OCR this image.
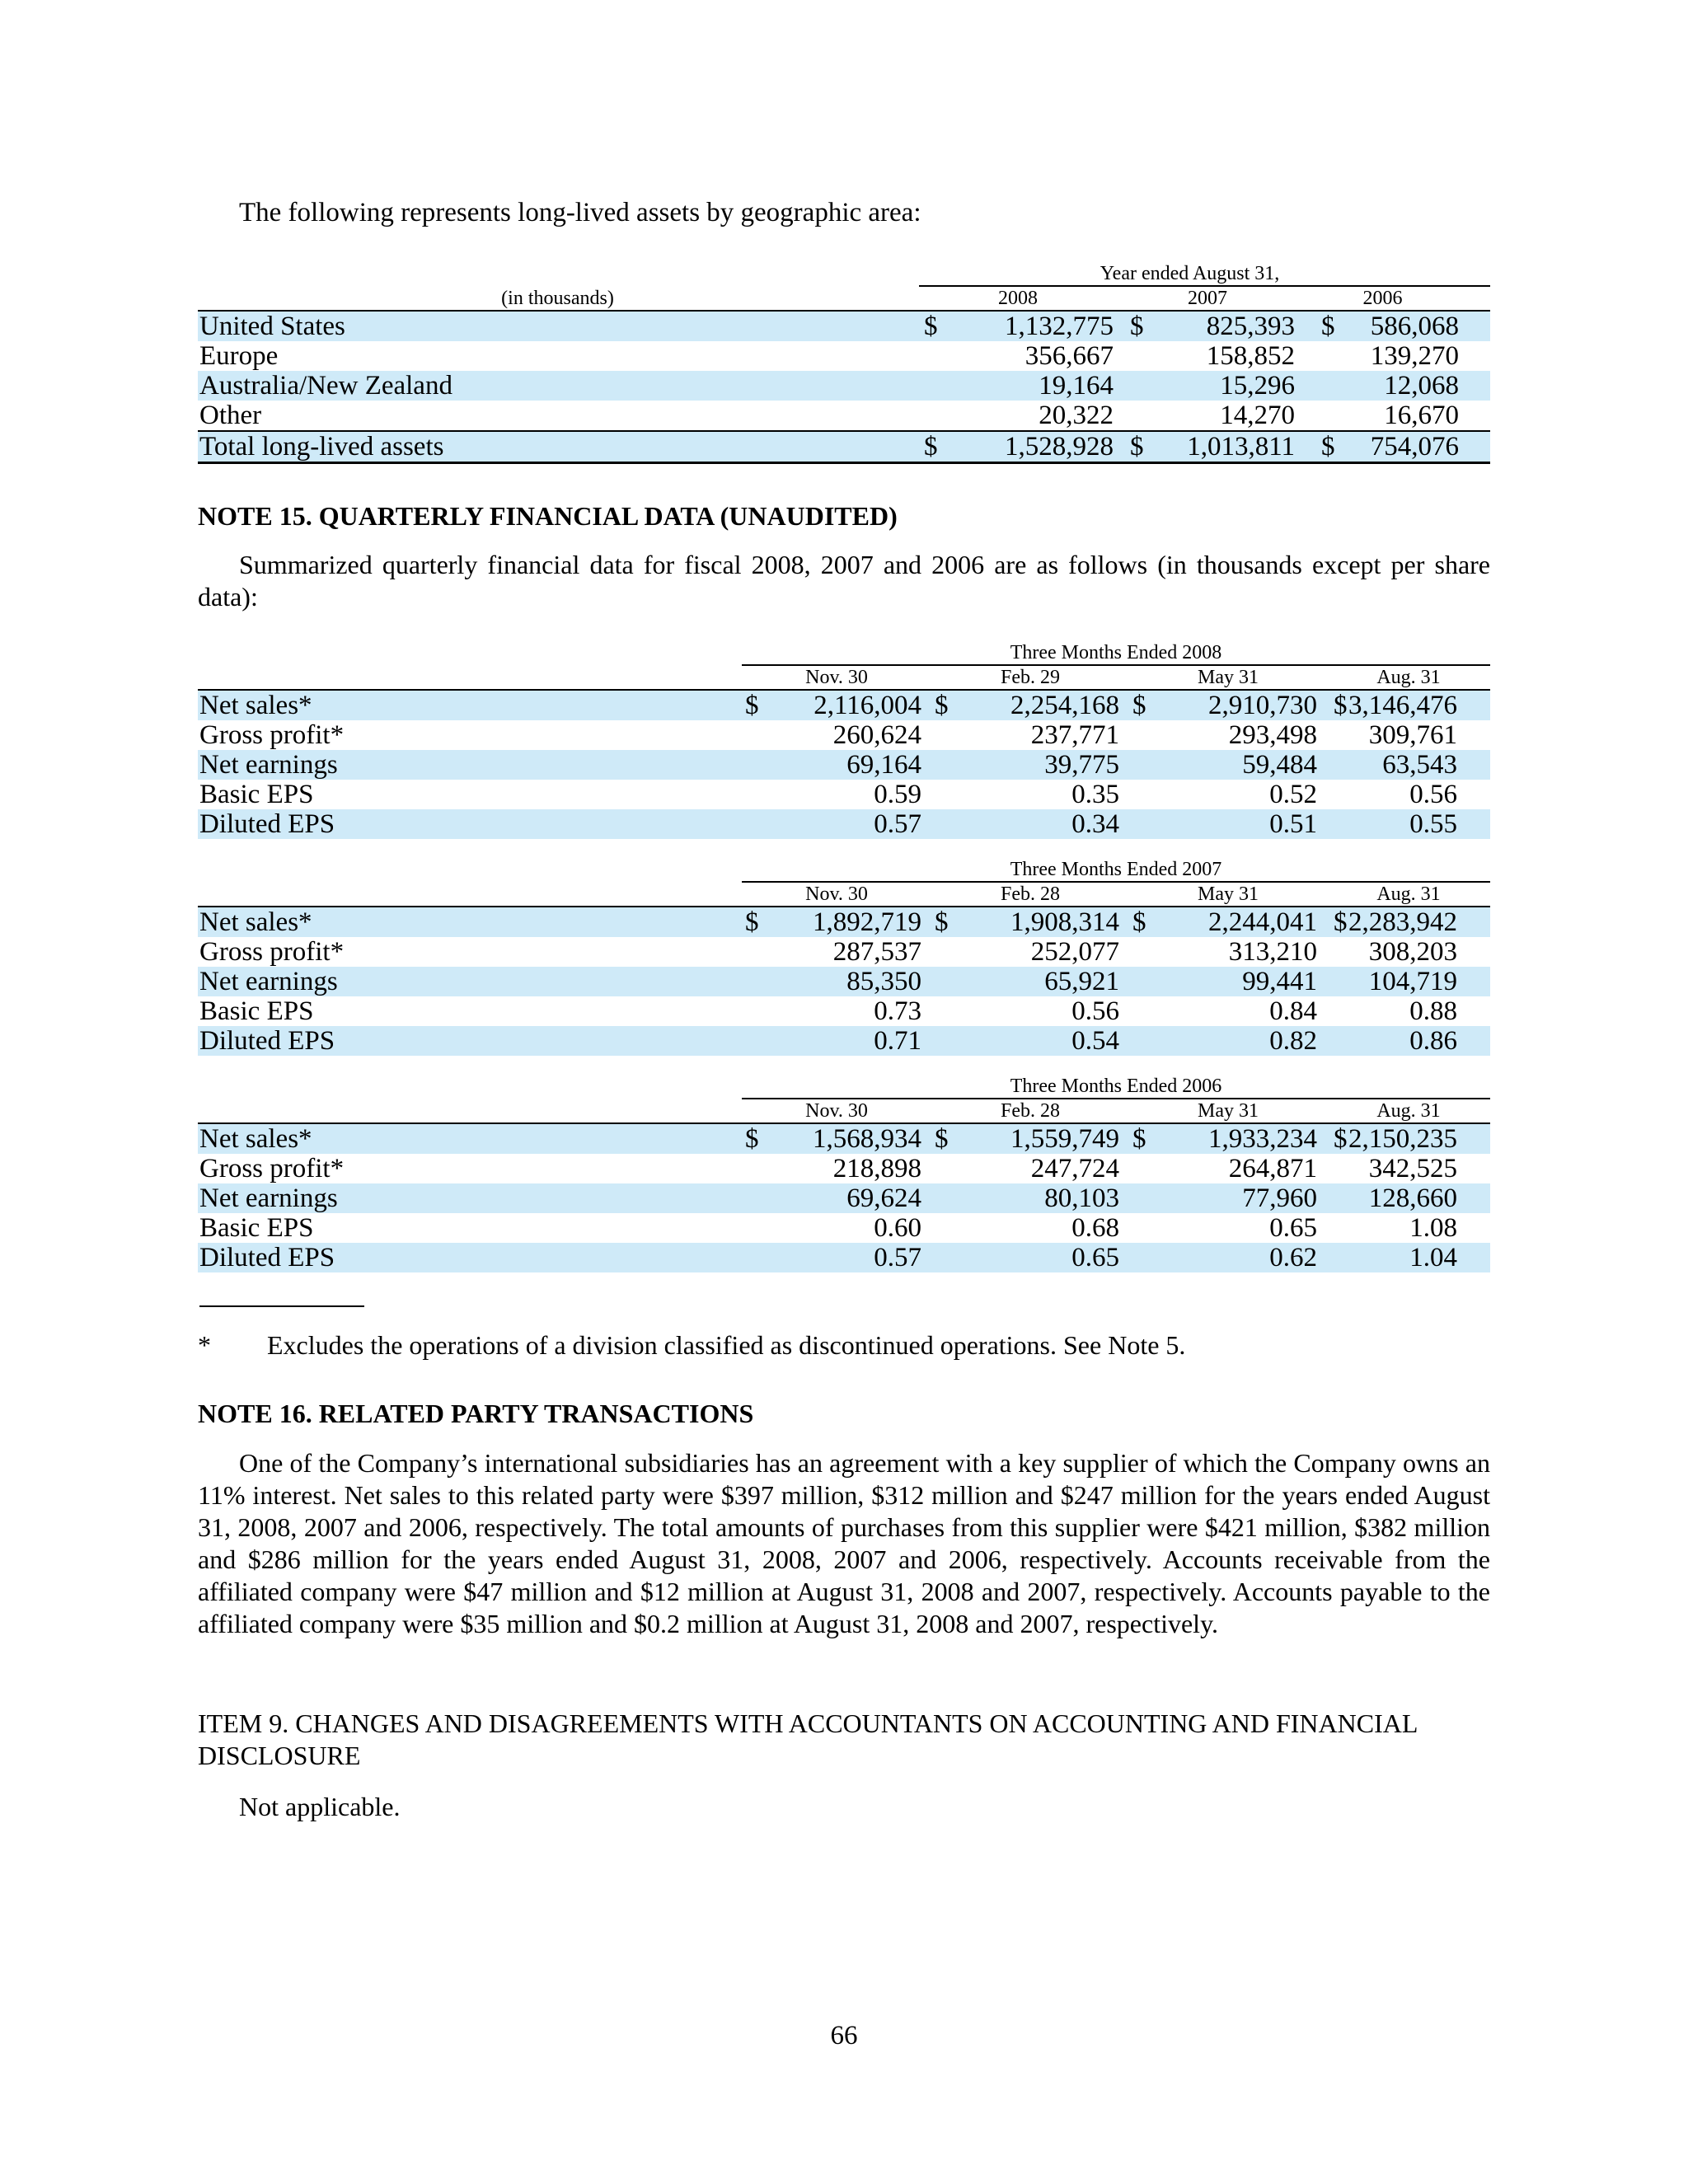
The following represents long-lived assets by geographic area:
	Year ended August 31,			
(in thousands)	2008	2007	2006	
United States	$ 1,132,775	$ 825,393	$ 586,068	
Europe	356,667	158,852	139,270	
Australia/New Zealand	19,164	15,296	12,068	
Other	20,322	14,270	16,670	
Total long-lived assets	$ 1,528,928	$ 1,013,811	$ 754,076	
NOTE 15. QUARTERLY FINANCIAL DATA (UNAUDITED)
Summarized quarterly financial data for fiscal 2008, 2007 and 2006 are as follows (in thousands except per share data):
	Three Months Ended 2008			
	Nov. 30	Feb. 29	May 31	Aug. 31
Net sales*	$ 2,116,004	$ 2,254,168	$ 2,910,730	$ 3,146,476
Gross profit*	260,624	237,771	293,498	309,761
Net earnings	69,164	39,775	59,484	63,543
Basic EPS	0.59	0.35	0.52	0.56
Diluted EPS	0.57	0.34	0.51	0.55
	Three Months Ended 2007			
	Nov. 30	Feb. 28	May 31	Aug. 31
Net sales*	$ 1,892,719	$ 1,908,314	$ 2,244,041	$ 2,283,942
Gross profit*	287,537	252,077	313,210	308,203
Net earnings	85,350	65,921	99,441	104,719
Basic EPS	0.73	0.56	0.84	0.88
Diluted EPS	0.71	0.54	0.82	0.86
	Three Months Ended 2006			
	Nov. 30	Feb. 28	May 31	Aug. 31
Net sales*	$ 1,568,934	$ 1,559,749	$ 1,933,234	$ 2,150,235
Gross profit*	218,898	247,724	264,871	342,525
Net earnings	69,624	80,103	77,960	128,660
Basic EPS	0.60	0.68	0.65	1.08
Diluted EPS	0.57	0.65	0.62	1.04
* Excludes the operations of a division classified as discontinued operations. See Note 5.
NOTE 16. RELATED PARTY TRANSACTIONS
One of the Company’s international subsidiaries has an agreement with a key supplier of which the Company owns an 11% interest. Net sales to this related party were $397 million, $312 million and $247 million for the years ended August 31, 2008, 2007 and 2006, respectively. The total amounts of purchases from this supplier were $421 million, $382 million and $286 million for the years ended August 31, 2008, 2007 and 2006, respectively. Accounts receivable from the affiliated company were $47 million and $12 million at August 31, 2008 and 2007, respectively. Accounts payable to the affiliated company were $35 million and $0.2 million at August 31, 2008 and 2007, respectively.
ITEM 9. CHANGES AND DISAGREEMENTS WITH ACCOUNTANTS ON ACCOUNTING AND FINANCIAL DISCLOSURE
Not applicable.
66
